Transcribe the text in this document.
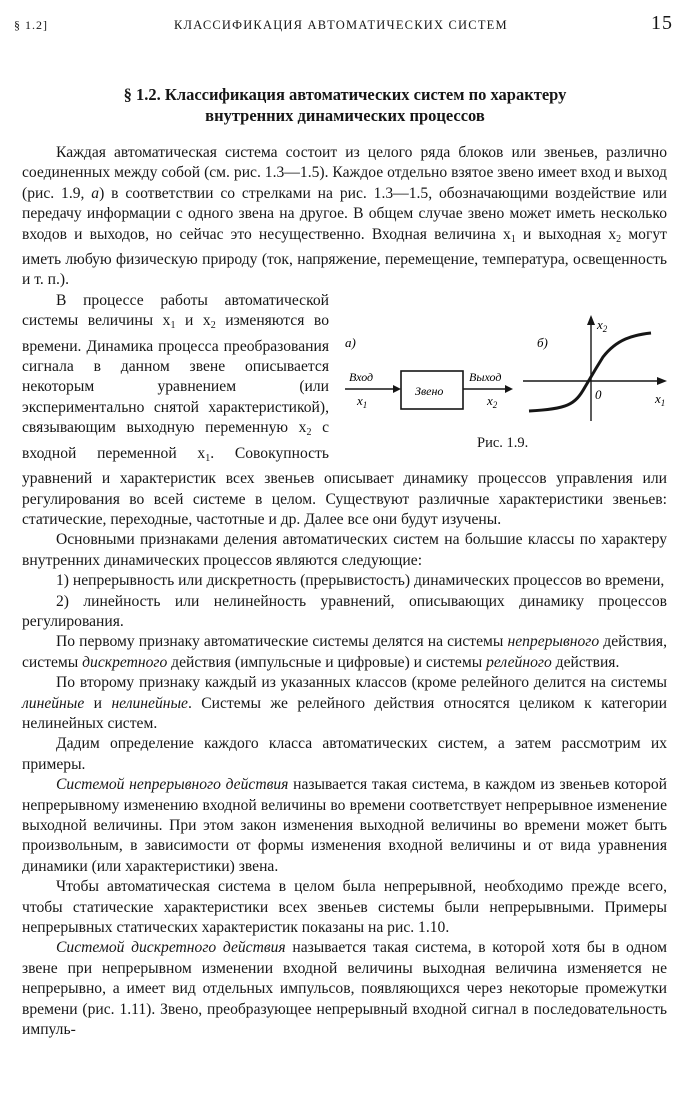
§ 1.2]	КЛАССИФИКАЦИЯ АВТОМАТИЧЕСКИХ СИСТЕМ	15
§ 1.2. Классификация автоматических систем по характеру
внутренних динамических процессов

Каждая автоматическая система состоит из целого ряда блоков или звеньев, различно соединенных между собой (см. рис. 1.3—1.5). Каждое отдельно взятое звено имеет вход и выход (рис. 1.9, а) в соответствии со стрелками на рис. 1.3—1.5, обозначающими воздействие или передачу информации с одного звена на другое. В общем случае звено может иметь несколько входов и выходов, но сейчас это несущественно. Входная величина $x_1$ и выходная $x_2$ могут иметь любую физическую природу (ток, напряжение, перемещение, температура, освещенность и т. п.).

а)
Вход
$x_1$
Звено
Выход
$x_2$
б)
$x_2$
$x_1$
0
Рис. 1.9.

В процессе работы автоматической системы величины $x_1$ и $x_2$ изменяются во времени. Динамика процесса преобразования сигнала в данном звене описывается некоторым уравнением (или экспериментально снятой характеристикой), связывающим выходную переменную $x_2$ с входной переменной $x_1$. Совокупность уравнений и характеристик всех звеньев описывает динамику процессов управления или регулирования во всей системе в целом. Существуют различные характеристики звеньев: статические, переходные, частотные и др. Далее все они будут изучены.

Основными признаками деления автоматических систем на большие классы по характеру внутренних динамических процессов являются следующие:

1) непрерывность или дискретность (прерывистость) динамических процессов во времени,

2) линейность или нелинейность уравнений, описывающих динамику процессов регулирования.

По первому признаку автоматические системы делятся на системы непрерывного действия, системы дискретного действия (импульсные и цифровые) и системы релейного действия.

По второму признаку каждый из указанных классов (кроме релейного делится на системы линейные и нелинейные. Системы же релейного действия относятся целиком к категории нелинейных систем.

Дадим определение каждого класса автоматических систем, а затем рассмотрим их примеры.

Системой непрерывного действия называется такая система, в каждом из звеньев которой непрерывному изменению входной величины во времени соответствует непрерывное изменение выходной величины. При этом закон изменения выходной величины во времени может быть произвольным, в зависимости от формы изменения входной величины и от вида уравнения динамики (или характеристики) звена.

Чтобы автоматическая система в целом была непрерывной, необходимо прежде всего, чтобы статические характеристики всех звеньев системы были непрерывными. Примеры непрерывных статических характеристик показаны на рис. 1.10.

Системой дискретного действия называется такая система, в которой хотя бы в одном звене при непрерывном изменении входной величины выходная величина изменяется не непрерывно, а имеет вид отдельных импульсов, появляющихся через некоторые промежутки времени (рис. 1.11). Звено, преобразующее непрерывный входной сигнал в последовательность импуль-
